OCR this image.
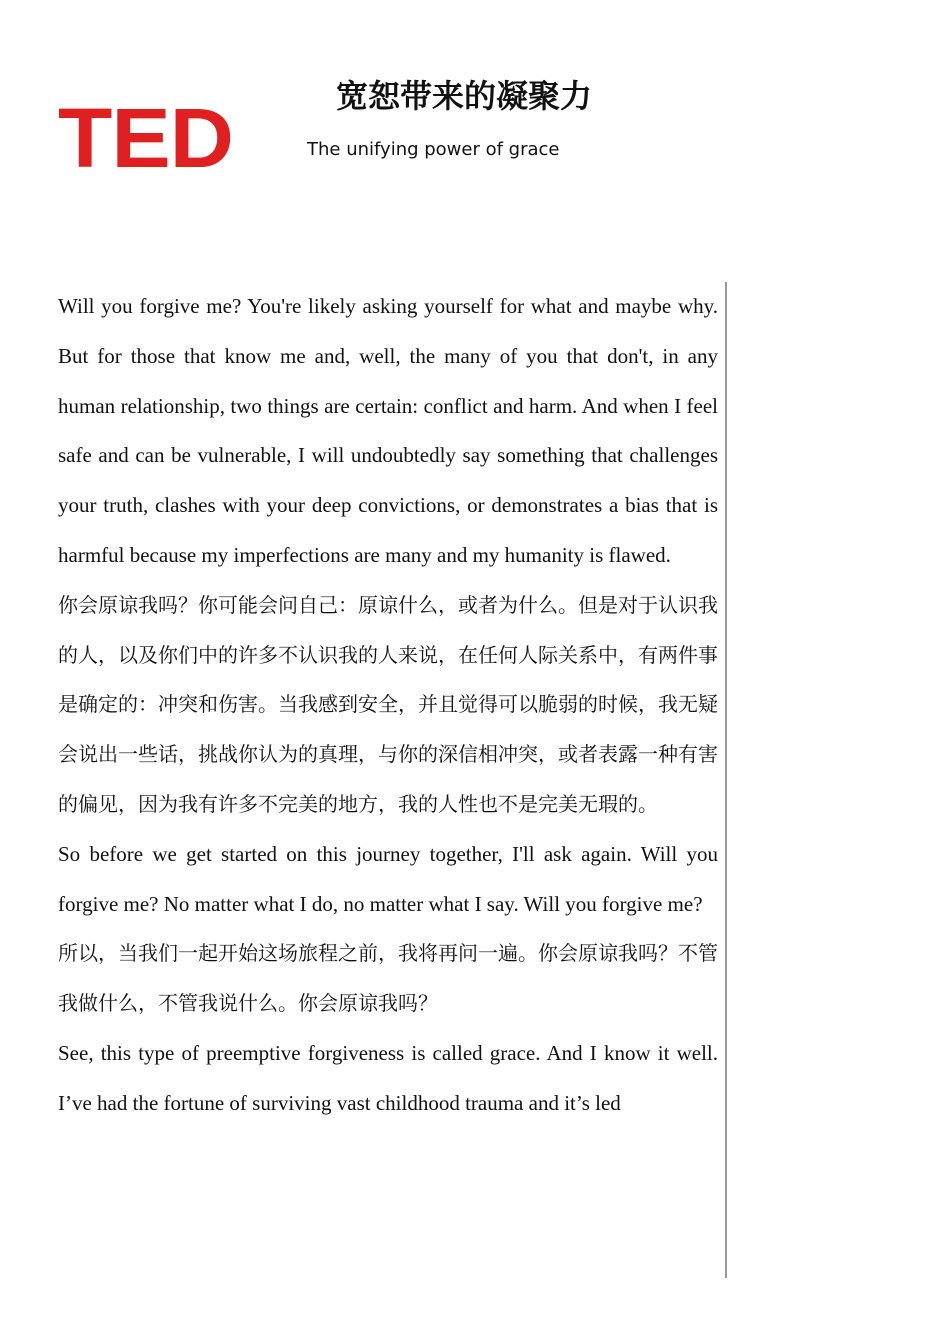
TED	宽恕带来的凝聚力
The unifying power of grace

Will you forgive me? You're likely asking yourself for what and maybe why. But for those that know me and, well, the many of you that don't, in any human relationship, two things are certain: conflict and harm. And when I feel safe and can be vulnerable, I will undoubtedly say something that challenges your truth, clashes with your deep convictions, or demonstrates a bias that is harmful because my imperfections are many and my humanity is flawed.

你会原谅我吗？你可能会问自己：原谅什么，或者为什么。但是对于认识我的人，以及你们中的许多不认识我的人来说，在任何人际关系中，有两件事是确定的：冲突和伤害。当我感到安全，并且觉得可以脆弱的时候，我无疑会说出一些话，挑战你认为的真理，与你的深信相冲突，或者表露一种有害的偏见，因为我有许多不完美的地方，我的人性也不是完美无瑕的。

So before we get started on this journey together, I'll ask again. Will you forgive me? No matter what I do, no matter what I say. Will you forgive me?

所以，当我们一起开始这场旅程之前，我将再问一遍。你会原谅我吗？不管我做什么，不管我说什么。你会原谅我吗？

See, this type of preemptive forgiveness is called grace. And I know it well. I’ve had the fortune of surviving vast childhood trauma and it’s led
